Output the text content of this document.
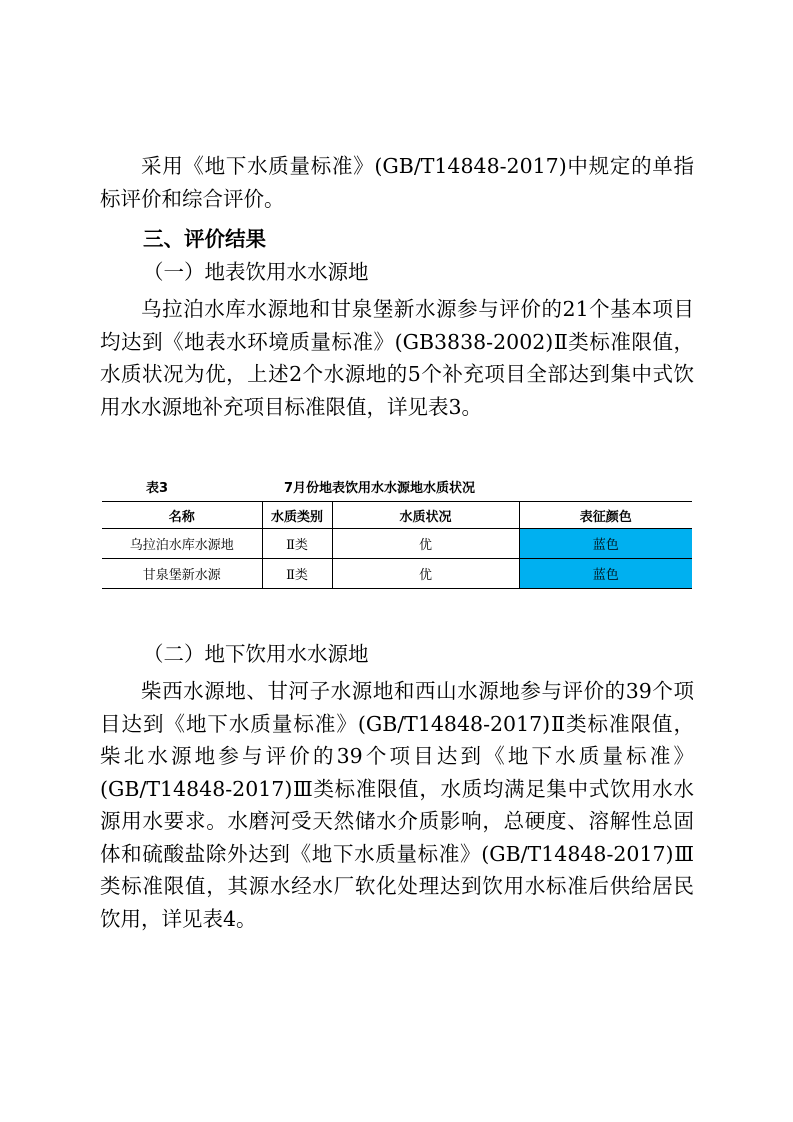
采用《地下水质量标准》(GB/T14848-2017)中规定的单指标评价和综合评价。

三、评价结果

（一）地表饮用水水源地

乌拉泊水库水源地和甘泉堡新水源参与评价的21个基本项目均达到《地表水环境质量标准》(GB3838-2002)Ⅱ类标准限值，水质状况为优，上述2个水源地的5个补充项目全部达到集中式饮用水水源地补充项目标准限值，详见表3。

表3	7月份地表饮用水水源地水质状况
名称	水质类别	水质状况	表征颜色
乌拉泊水库水源地	Ⅱ类	优	蓝色
甘泉堡新水源	Ⅱ类	优	蓝色

（二）地下饮用水水源地

柴西水源地、甘河子水源地和西山水源地参与评价的39个项目达到《地下水质量标准》(GB/T14848-2017)Ⅱ类标准限值，柴北水源地参与评价的39个项目达到《地下水质量标准》(GB/T14848-2017)Ⅲ类标准限值，水质均满足集中式饮用水水源用水要求。水磨河受天然储水介质影响，总硬度、溶解性总固体和硫酸盐除外达到《地下水质量标准》(GB/T14848-2017)Ⅲ类标准限值，其源水经水厂软化处理达到饮用水标准后供给居民饮用，详见表4。
